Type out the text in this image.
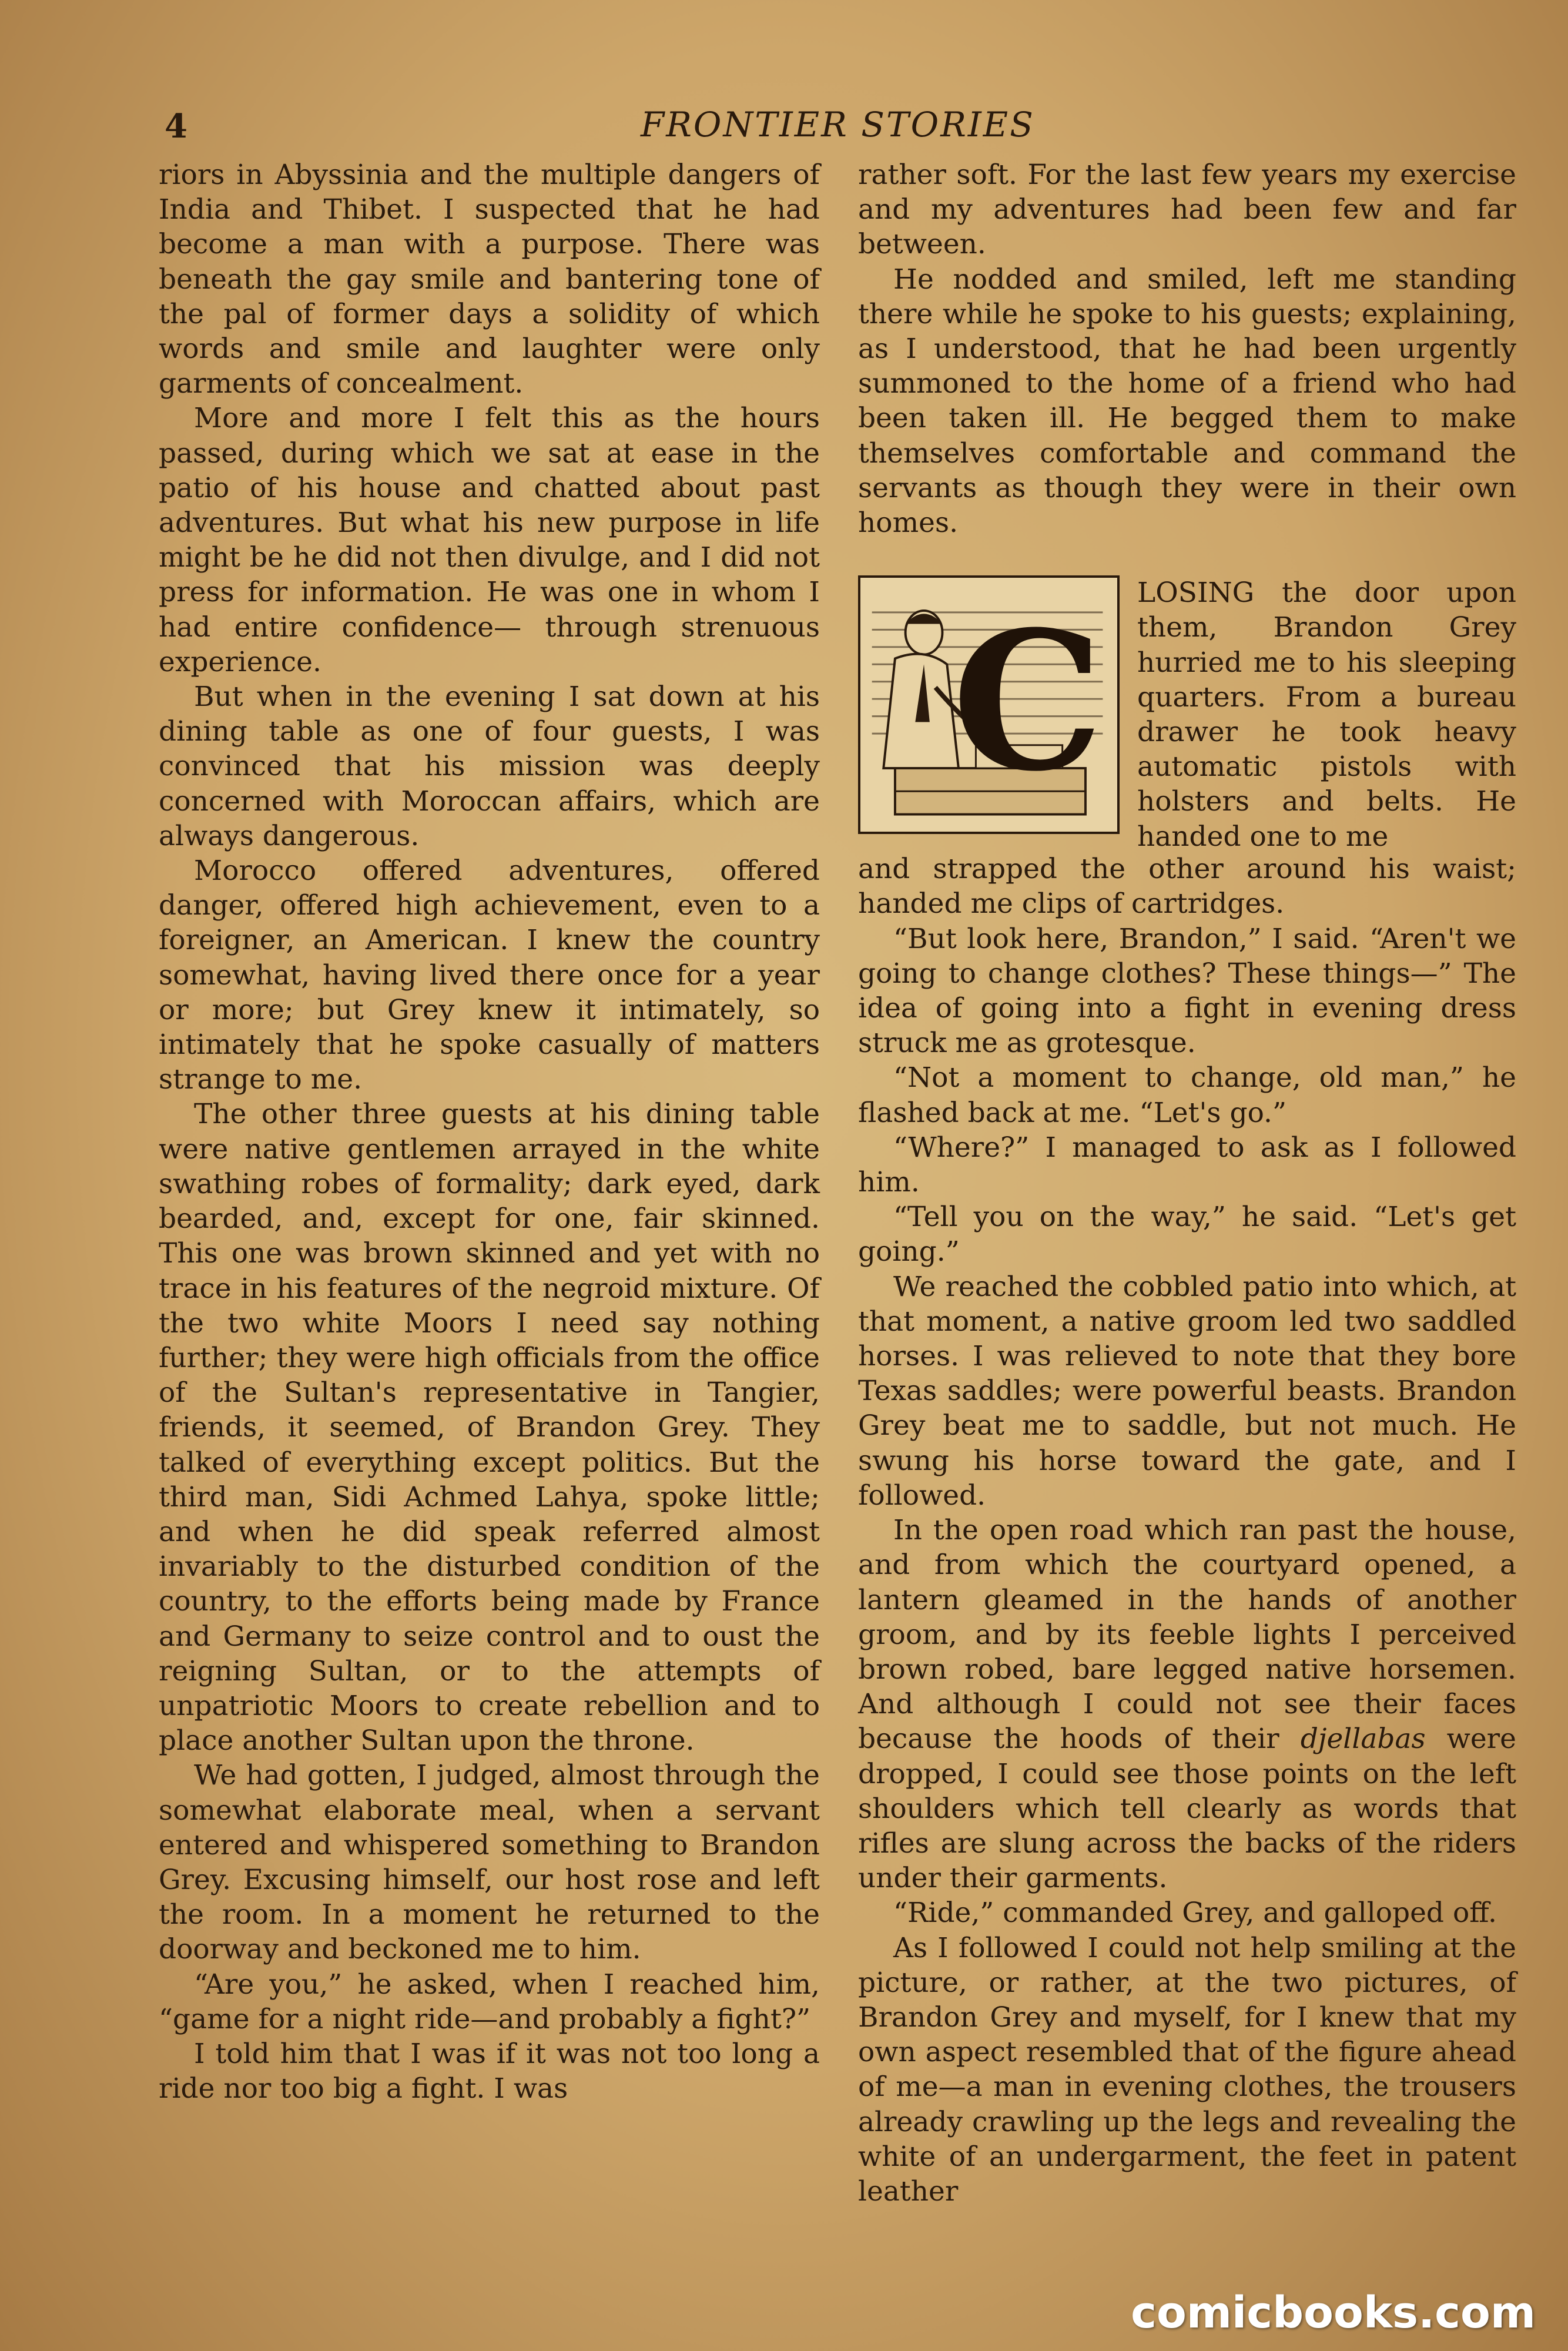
4	FRONTIER STORIES

riors in Abyssinia and the multiple dangers of India and Thibet. I suspected that he had become a man with a purpose. There was beneath the gay smile and bantering tone of the pal of former days a solidity of which words and smile and laughter were only garments of concealment.

More and more I felt this as the hours passed, during which we sat at ease in the patio of his house and chatted about past adventures. But what his new purpose in life might be he did not then divulge, and I did not press for information. He was one in whom I had entire confidence— through strenuous experience.

But when in the evening I sat down at his dining table as one of four guests, I was convinced that his mission was deeply concerned with Moroccan affairs, which are always dangerous.

Morocco offered adventures, offered danger, offered high achievement, even to a foreigner, an American. I knew the country somewhat, having lived there once for a year or more; but Grey knew it intimately, so intimately that he spoke casually of matters strange to me.

The other three guests at his dining table were native gentlemen arrayed in the white swathing robes of formality; dark eyed, dark bearded, and, except for one, fair skinned. This one was brown skinned and yet with no trace in his features of the negroid mixture. Of the two white Moors I need say nothing further; they were high officials from the office of the Sultan's representative in Tangier, friends, it seemed, of Brandon Grey. They talked of everything except politics. But the third man, Sidi Achmed Lahya, spoke little; and when he did speak referred almost invariably to the disturbed condition of the country, to the efforts being made by France and Germany to seize control and to oust the reigning Sultan, or to the attempts of unpatriotic Moors to create rebellion and to place another Sultan upon the throne.

We had gotten, I judged, almost through the somewhat elaborate meal, when a servant entered and whispered something to Brandon Grey. Excusing himself, our host rose and left the room. In a moment he returned to the doorway and beckoned me to him.

“Are you,” he asked, when I reached him, “game for a night ride—and probably a fight?”

I told him that I was if it was not too long a ride nor too big a fight. I was

rather soft. For the last few years my exercise and my adventures had been few and far between.

He nodded and smiled, left me standing there while he spoke to his guests; explaining, as I understood, that he had been urgently summoned to the home of a friend who had been taken ill. He begged them to make themselves comfortable and command the servants as though they were in their own homes.

C LOSING the door upon them, Brandon Grey hurried me to his sleeping quarters. From a bureau drawer he took heavy automatic pistols with holsters and belts. He handed one to me

and strapped the other around his waist; handed me clips of cartridges.

“But look here, Brandon,” I said. “Aren't we going to change clothes? These things—” The idea of going into a fight in evening dress struck me as grotesque.

“Not a moment to change, old man,” he flashed back at me. “Let's go.”

“Where?” I managed to ask as I followed him.

“Tell you on the way,” he said. “Let's get going.”

We reached the cobbled patio into which, at that moment, a native groom led two saddled horses. I was relieved to note that they bore Texas saddles; were powerful beasts. Brandon Grey beat me to saddle, but not much. He swung his horse toward the gate, and I followed.

In the open road which ran past the house, and from which the courtyard opened, a lantern gleamed in the hands of another groom, and by its feeble lights I perceived brown robed, bare legged native horsemen. And although I could not see their faces because the hoods of their djellabas were dropped, I could see those points on the left shoulders which tell clearly as words that rifles are slung across the backs of the riders under their garments.

“Ride,” commanded Grey, and galloped off.

As I followed I could not help smiling at the picture, or rather, at the two pictures, of Brandon Grey and myself, for I knew that my own aspect resembled that of the figure ahead of me—a man in evening clothes, the trousers already crawling up the legs and revealing the white of an undergarment, the feet in patent leather

comicbooks.com
